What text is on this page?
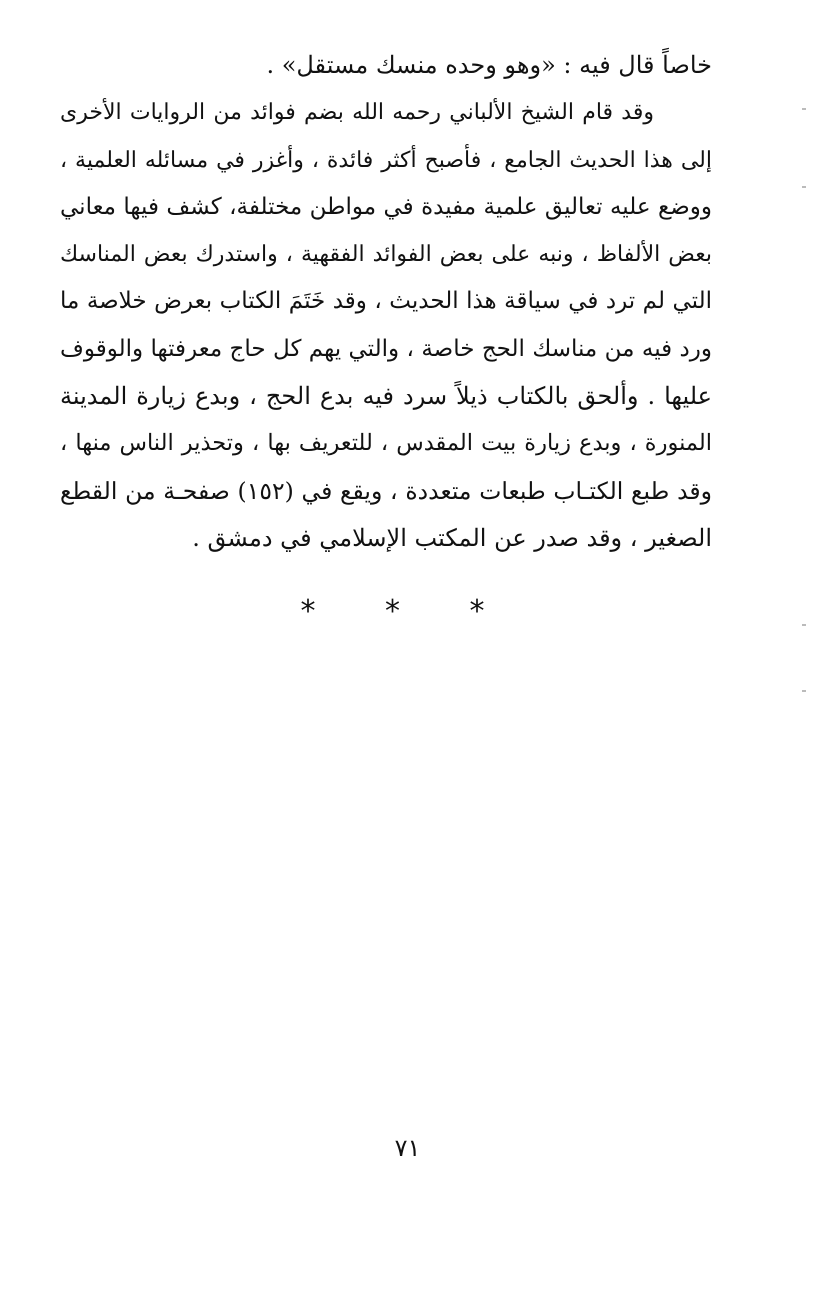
خاصاً قال فيه : «وهو وحده منسك مستقل» .
وقد قام الشيخ الألباني رحمه الله بضم فوائد من الروايات الأخرى
إلى هذا الحديث الجامع ، فأصبح أكثر فائدة ، وأغزر في مسائله العلمية ،
ووضع عليه تعاليق علمية مفيدة في مواطن مختلفة، كشف فيها معاني
بعض الألفاظ ، ونبه على بعض الفوائد الفقهية ، واستدرك بعض المناسك
التي لم ترد في سياقة هذا الحديث ، وقد خَتَمَ الكتاب بعرض خلاصة ما
ورد فيه من مناسك الحج خاصة ، والتي يهم كل حاج معرفتها والوقوف
عليها . وألحق بالكتاب ذيلاً سرد فيه بدع الحج ، وبدع زيارة المدينة
المنورة ، وبدع زيارة بيت المقدس ، للتعريف بها ، وتحذير الناس منها ،
وقد طبع الكتـاب طبعات متعددة ، ويقع في (١٥٢) صفحـة من القطع
الصغير ، وقد صدر عن المكتب الإسلامي في دمشق .
* * *
٧١
